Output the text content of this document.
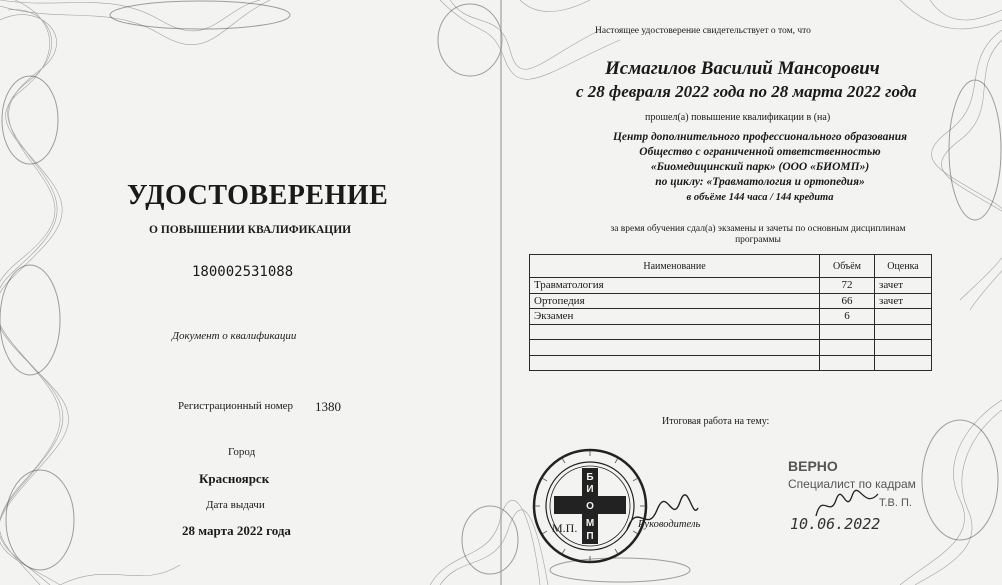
УДОСТОВЕРЕНИЕ
О ПОВЫШЕНИИ КВАЛИФИКАЦИИ
180002531088
Документ о квалификации
Регистрационный номер 1380
Город
Красноярск
Дата выдачи
28 марта 2022 года
Настоящее удостоверение свидетельствует о том, что
Исмагилов Василий Мансорович
с 28 февраля 2022 года по 28 марта 2022 года
прошел(а) повышение квалификации в (на)
Центр дополнительного профессионального образования
Общество с ограниченной ответственностью
«Биомедицинский парк» (ООО «БИОМП»)
по циклу: «Травматология и ортопедия»
в объёме 144 часа / 144 кредита
за время обучения сдал(а) экзамены и зачеты по основным дисциплинам
программы
Наименование	Объём	Оценка
Травматология	72	зачет
Ортопедия	66	зачет
Экзамен	6	

Итоговая работа на тему:
Б
И
О
М
П
М.П.	Руководитель
ВЕРНО
Специалист по кадрам
Т.В. П.
10.06.2022
